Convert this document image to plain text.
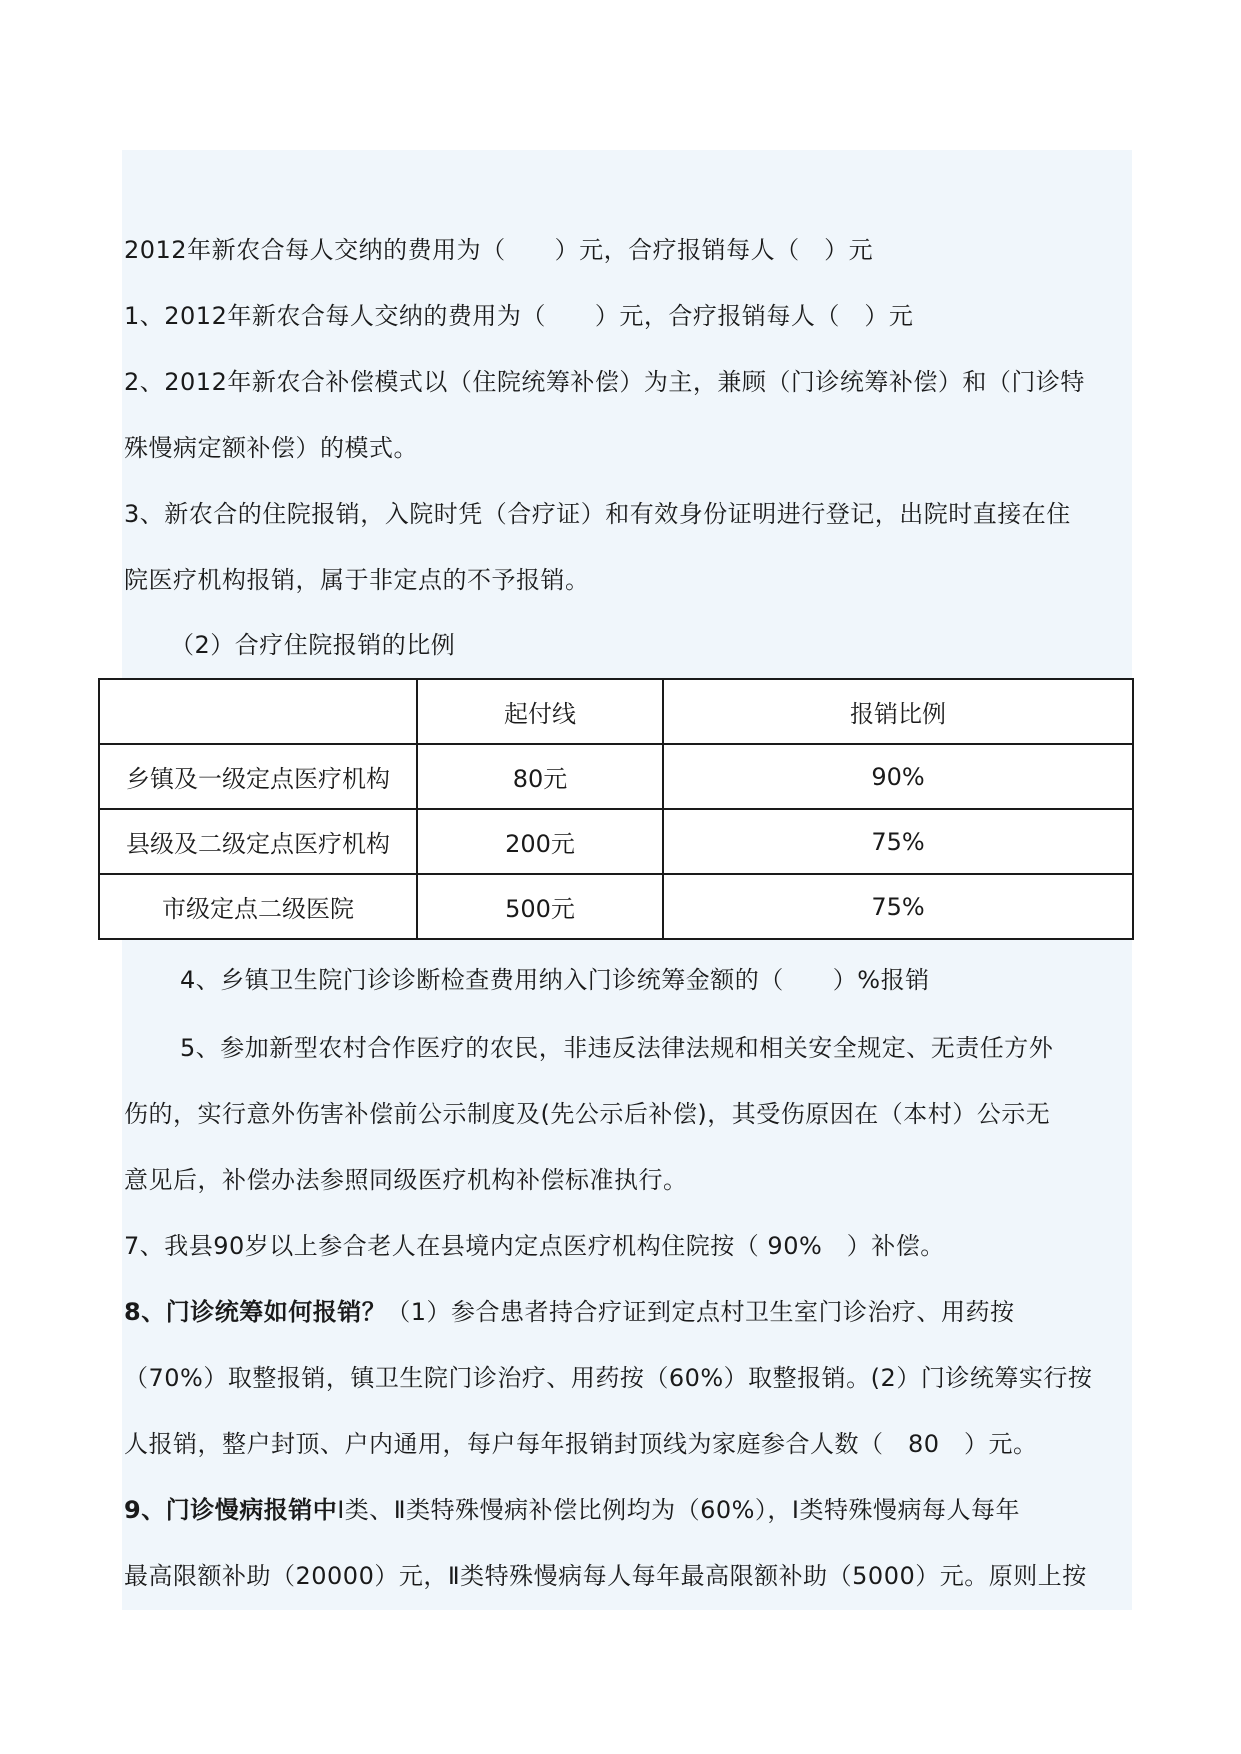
2012年新农合每人交纳的费用为（　　）元，合疗报销每人（　）元
1、2012年新农合每人交纳的费用为（　　）元，合疗报销每人（　）元
2、2012年新农合补偿模式以（住院统筹补偿）为主，兼顾（门诊统筹补偿）和（门诊特
殊慢病定额补偿）的模式。
3、新农合的住院报销，入院时凭（合疗证）和有效身份证明进行登记，出院时直接在住
院医疗机构报销，属于非定点的不予报销。
（2）合疗住院报销的比例
	起付线	报销比例
乡镇及一级定点医疗机构	80元	90%
县级及二级定点医疗机构	200元	75%
市级定点二级医院	500元	75%
4、乡镇卫生院门诊诊断检查费用纳入门诊统筹金额的（　　）%报销
5、参加新型农村合作医疗的农民，非违反法律法规和相关安全规定、无责任方外
伤的，实行意外伤害补偿前公示制度及(先公示后补偿)，其受伤原因在（本村）公示无
意见后，补偿办法参照同级医疗机构补偿标准执行。
7、我县90岁以上参合老人在县境内定点医疗机构住院按（ 90%　）补偿。
8、门诊统筹如何报销？（1）参合患者持合疗证到定点村卫生室门诊治疗、用药按
（70%）取整报销，镇卫生院门诊治疗、用药按（60%）取整报销。(2）门诊统筹实行按
人报销，整户封顶、户内通用，每户每年报销封顶线为家庭参合人数（　80　）元。
9、门诊慢病报销中Ⅰ类、Ⅱ类特殊慢病补偿比例均为（60%），Ⅰ类特殊慢病每人每年
最高限额补助（20000）元，Ⅱ类特殊慢病每人每年最高限额补助（5000）元。原则上按
